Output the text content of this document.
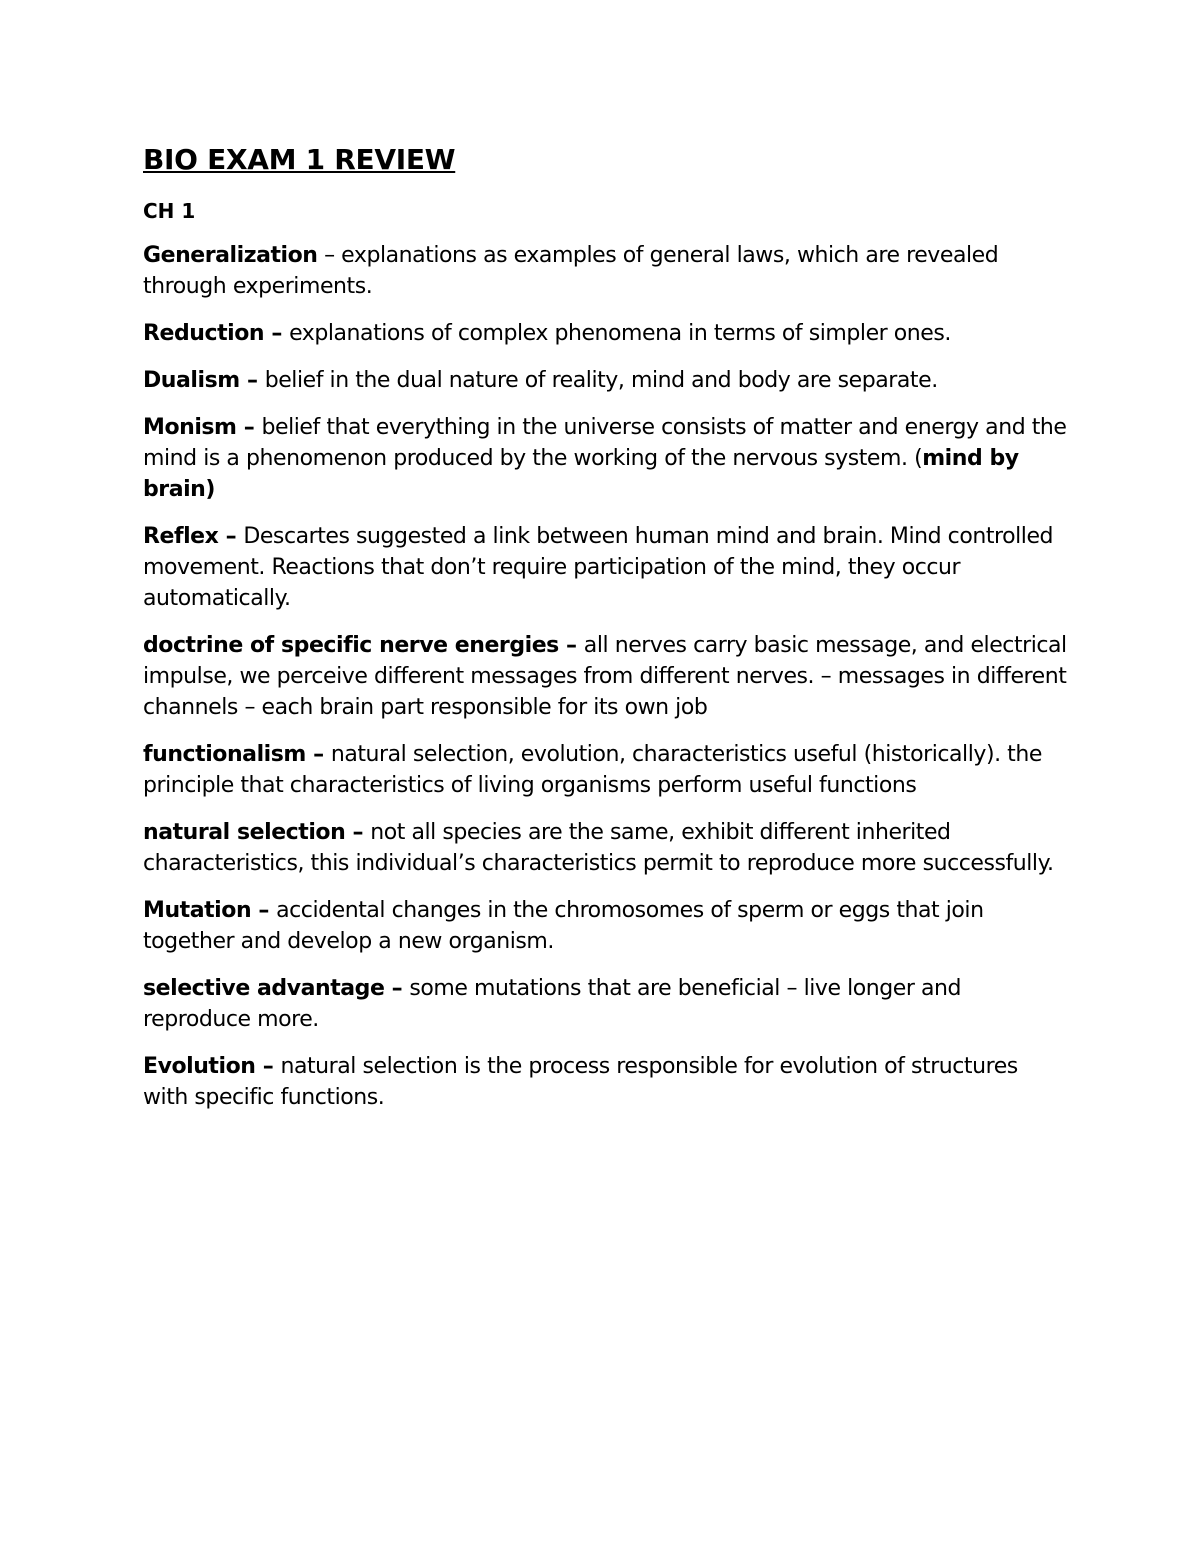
BIO EXAM 1 REVIEW
CH 1

Generalization – explanations as examples of general laws, which are revealed through experiments.

Reduction – explanations of complex phenomena in terms of simpler ones.

Dualism – belief in the dual nature of reality, mind and body are separate.

Monism – belief that everything in the universe consists of matter and energy and the mind is a phenomenon produced by the working of the nervous system. (mind by brain)

Reflex – Descartes suggested a link between human mind and brain. Mind controlled movement. Reactions that don’t require participation of the mind, they occur automatically.

doctrine of specific nerve energies – all nerves carry basic message, and electrical impulse, we perceive different messages from different nerves. – messages in different channels – each brain part responsible for its own job

functionalism – natural selection, evolution, characteristics useful (historically). the principle that characteristics of living organisms perform useful functions

natural selection – not all species are the same, exhibit different inherited characteristics, this individual’s characteristics permit to reproduce more successfully.

Mutation – accidental changes in the chromosomes of sperm or eggs that join together and develop a new organism.

selective advantage – some mutations that are beneficial – live longer and reproduce more.

Evolution – natural selection is the process responsible for evolution of structures with specific functions.
